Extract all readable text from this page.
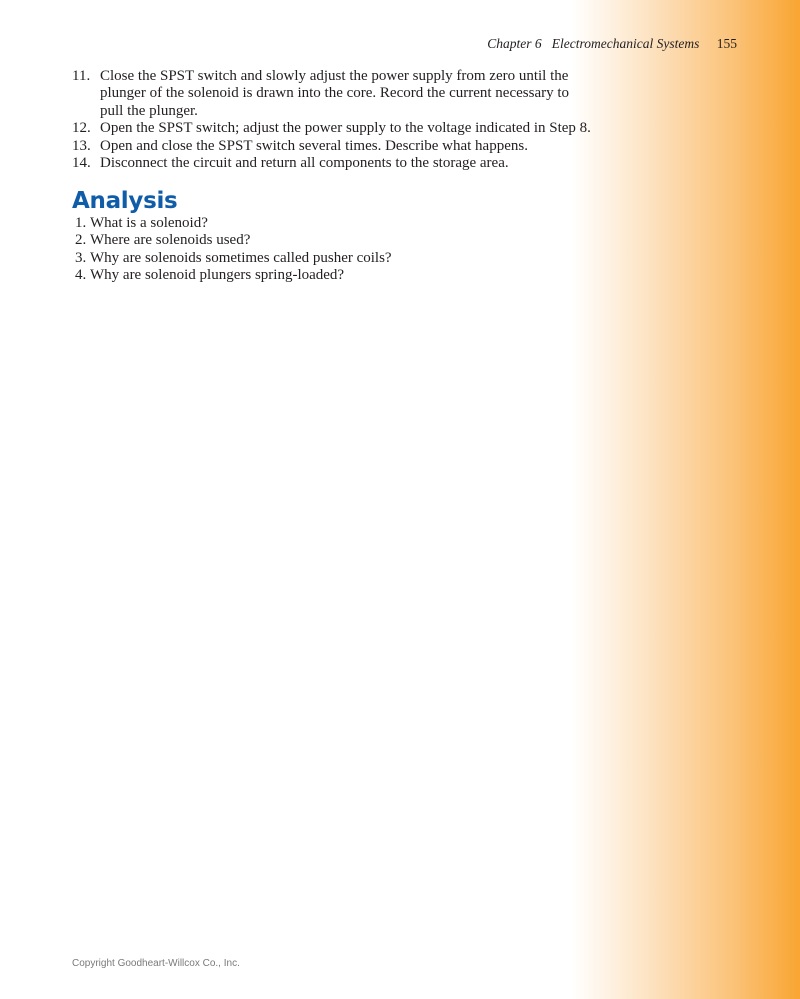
Chapter 6 Electromechanical Systems 155
11. Close the SPST switch and slowly adjust the power supply from zero until the plunger of the solenoid is drawn into the core. Record the current necessary to pull the plunger.
12. Open the SPST switch; adjust the power supply to the voltage indicated in Step 8.
13. Open and close the SPST switch several times. Describe what happens.
14. Disconnect the circuit and return all components to the storage area.
Analysis
1. What is a solenoid?
2. Where are solenoids used?
3. Why are solenoids sometimes called pusher coils?
4. Why are solenoid plungers spring-loaded?
Copyright Goodheart-Willcox Co., Inc.
